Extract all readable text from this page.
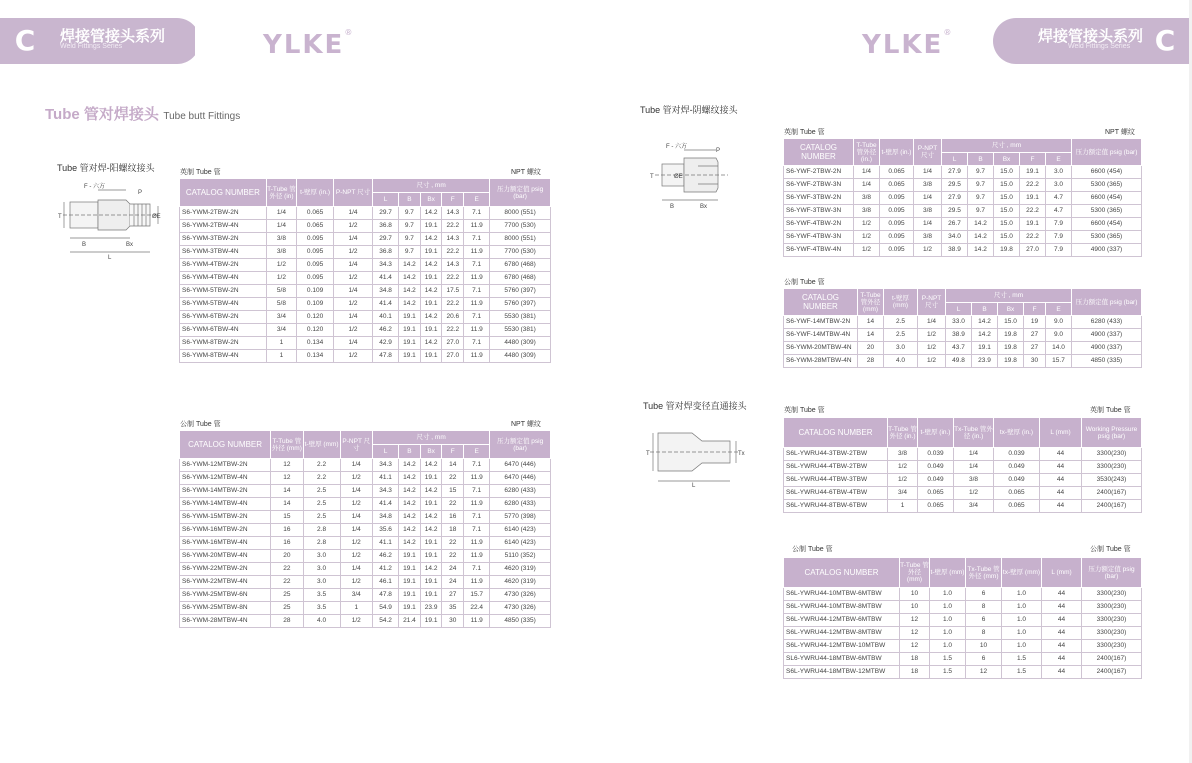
C	焊接管接头系列
Weld Fittings Series	YLKE®	YLKE®	焊接管接头系列
Weld Fittings Series C
Tube 管对焊接头 Tube butt Fittings
Tube 管对焊-阳螺纹接头
F - 六方
P
T	ØE
B	Bx
L
英制 Tube 管	NPT 螺纹
CATALOG NUMBER	T-Tube 管外径 (in)	t-壁厚 (in.)	P-NPT 尺寸	尺寸 , mm					压力额定值 psig (bar)
				L	B	Bx	F	E	
S6-YWM-2TBW-2N	1/4	0.065	1/4	29.7	9.7	14.2	14.3	7.1	8000 (551)
S6-YWM-2TBW-4N	1/4	0.065	1/2	36.8	9.7	19.1	22.2	11.9	7700 (530)
S6-YWM-3TBW-2N	3/8	0.095	1/4	29.7	9.7	14.2	14.3	7.1	8000 (551)
S6-YWM-3TBW-4N	3/8	0.095	1/2	36.8	9.7	19.1	22.2	11.9	7700 (530)
S6-YWM-4TBW-2N	1/2	0.095	1/4	34.3	14.2	14.2	14.3	7.1	6780 (468)
S6-YWM-4TBW-4N	1/2	0.095	1/2	41.4	14.2	19.1	22.2	11.9	6780 (468)
S6-YWM-5TBW-2N	5/8	0.109	1/4	34.8	14.2	14.2	17.5	7.1	5760 (397)
S6-YWM-5TBW-4N	5/8	0.109	1/2	41.4	14.2	19.1	22.2	11.9	5760 (397)
S6-YWM-6TBW-2N	3/4	0.120	1/4	40.1	19.1	14.2	20.6	7.1	5530 (381)
S6-YWM-6TBW-4N	3/4	0.120	1/2	46.2	19.1	19.1	22.2	11.9	5530 (381)
S6-YWM-8TBW-2N	1	0.134	1/4	42.9	19.1	14.2	27.0	7.1	4480 (309)
S6-YWM-8TBW-4N	1	0.134	1/2	47.8	19.1	19.1	27.0	11.9	4480 (309)
公制 Tube 管	NPT 螺纹
CATALOG NUMBER	T-Tube 管外径 (mm)	t-壁厚 (mm)	P-NPT 尺寸	尺寸 , mm					压力额定值 psig (bar)
				L	B	Bx	F	E	
S6-YWM-12MTBW-2N	12	2.2	1/4	34.3	14.2	14.2	14	7.1	6470 (446)
S6-YWM-12MTBW-4N	12	2.2	1/2	41.1	14.2	19.1	22	11.9	6470 (446)
S6-YWM-14MTBW-2N	14	2.5	1/4	34.3	14.2	14.2	15	7.1	6280 (433)
S6-YWM-14MTBW-4N	14	2.5	1/2	41.4	14.2	19.1	22	11.9	6280 (433)
S6-YWM-15MTBW-2N	15	2.5	1/4	34.8	14.2	14.2	16	7.1	5770 (398)
S6-YWM-16MTBW-2N	16	2.8	1/4	35.6	14.2	14.2	18	7.1	6140 (423)
S6-YWM-16MTBW-4N	16	2.8	1/2	41.1	14.2	19.1	22	11.9	6140 (423)
S6-YWM-20MTBW-4N	20	3.0	1/2	46.2	19.1	19.1	22	11.9	5110 (352)
S6-YWM-22MTBW-2N	22	3.0	1/4	41.2	19.1	14.2	24	7.1	4620 (319)
S6-YWM-22MTBW-4N	22	3.0	1/2	46.1	19.1	19.1	24	11.9	4620 (319)
S6-YWM-25MTBW-6N	25	3.5	3/4	47.8	19.1	19.1	27	15.7	4730 (326)
S6-YWM-25MTBW-8N	25	3.5	1	54.9	19.1	23.9	35	22.4	4730 (326)
S6-YWM-28MTBW-4N	28	4.0	1/2	54.2	21.4	19.1	30	11.9	4850 (335)
Tube 管对焊-阴螺纹接头
F - 六方
P
T	ØE
B	Bx
英制 Tube 管	NPT 螺纹
CATALOG NUMBER	T-Tube 管外径 (in.)	t-壁厚 (in.)	P-NPT 尺寸	尺寸 , mm					压力额定值 psig (bar)
				L	B	Bx	F	E	
S6-YWF-2TBW-2N	1/4	0.065	1/4	27.9	9.7	15.0	19.1	3.0	6600 (454)
S6-YWF-2TBW-3N	1/4	0.065	3/8	29.5	9.7	15.0	22.2	3.0	5300 (365)
S6-YWF-3TBW-2N	3/8	0.095	1/4	27.9	9.7	15.0	19.1	4.7	6600 (454)
S6-YWF-3TBW-3N	3/8	0.095	3/8	29.5	9.7	15.0	22.2	4.7	5300 (365)
S6-YWF-4TBW-2N	1/2	0.095	1/4	26.7	14.2	15.0	19.1	7.9	6600 (454)
S6-YWF-4TBW-3N	1/2	0.095	3/8	34.0	14.2	15.0	22.2	7.9	5300 (365)
S6-YWF-4TBW-4N	1/2	0.095	1/2	38.9	14.2	19.8	27.0	7.9	4900 (337)
公制 Tube 管
CATALOG NUMBER	T-Tube 管外径 (mm)	t-壁厚 (mm)	P-NPT 尺寸	尺寸 , mm					压力额定值 psig (bar)
				L	B	Bx	F	E	
S6-YWF-14MTBW-2N	14	2.5	1/4	33.0	14.2	15.0	19	9.0	6280 (433)
S6-YWF-14MTBW-4N	14	2.5	1/2	38.9	14.2	19.8	27	9.0	4900 (337)
S6-YWM-20MTBW-4N	20	3.0	1/2	43.7	19.1	19.8	27	14.0	4900 (337)
S6-YWM-28MTBW-4N	28	4.0	1/2	49.8	23.9	19.8	30	15.7	4850 (335)
Tube 管对焊变径直通接头
T	Tx
L
英制 Tube 管	英制 Tube 管
CATALOG NUMBER	T-Tube 管外径 (in.)	t-壁厚 (in.)	Tx-Tube 管外径 (in.)	tx-壁厚 (in.)	L (mm)	Working Pressure psig (bar)
S6L-YWRU44-3TBW-2TBW	3/8	0.039	1/4	0.039	44	3300(230)
S6L-YWRU44-4TBW-2TBW	1/2	0.049	1/4	0.049	44	3300(230)
S6L-YWRU44-4TBW-3TBW	1/2	0.049	3/8	0.049	44	3530(243)
S6L-YWRU44-6TBW-4TBW	3/4	0.065	1/2	0.065	44	2400(167)
S6L-YWRU44-8TBW-6TBW	1	0.065	3/4	0.065	44	2400(167)
公制 Tube 管	公制 Tube 管
CATALOG NUMBER	T-Tube 管外径 (mm)	t-壁厚 (mm)	Tx-Tube 管外径 (mm)	tx-壁厚 (mm)	L (mm)	压力额定值 psig (bar)
S6L-YWRU44-10MTBW-6MTBW	10	1.0	6	1.0	44	3300(230)
S6L-YWRU44-10MTBW-8MTBW	10	1.0	8	1.0	44	3300(230)
S6L-YWRU44-12MTBW-6MTBW	12	1.0	6	1.0	44	3300(230)
S6L-YWRU44-12MTBW-8MTBW	12	1.0	8	1.0	44	3300(230)
S6L-YWRU44-12MTBW-10MTBW	12	1.0	10	1.0	44	3300(230)
SL6-YWRU44-18MTBW-6MTBW	18	1.5	6	1.5	44	2400(167)
S6L-YWRU44-18MTBW-12MTBW	18	1.5	12	1.5	44	2400(167)
